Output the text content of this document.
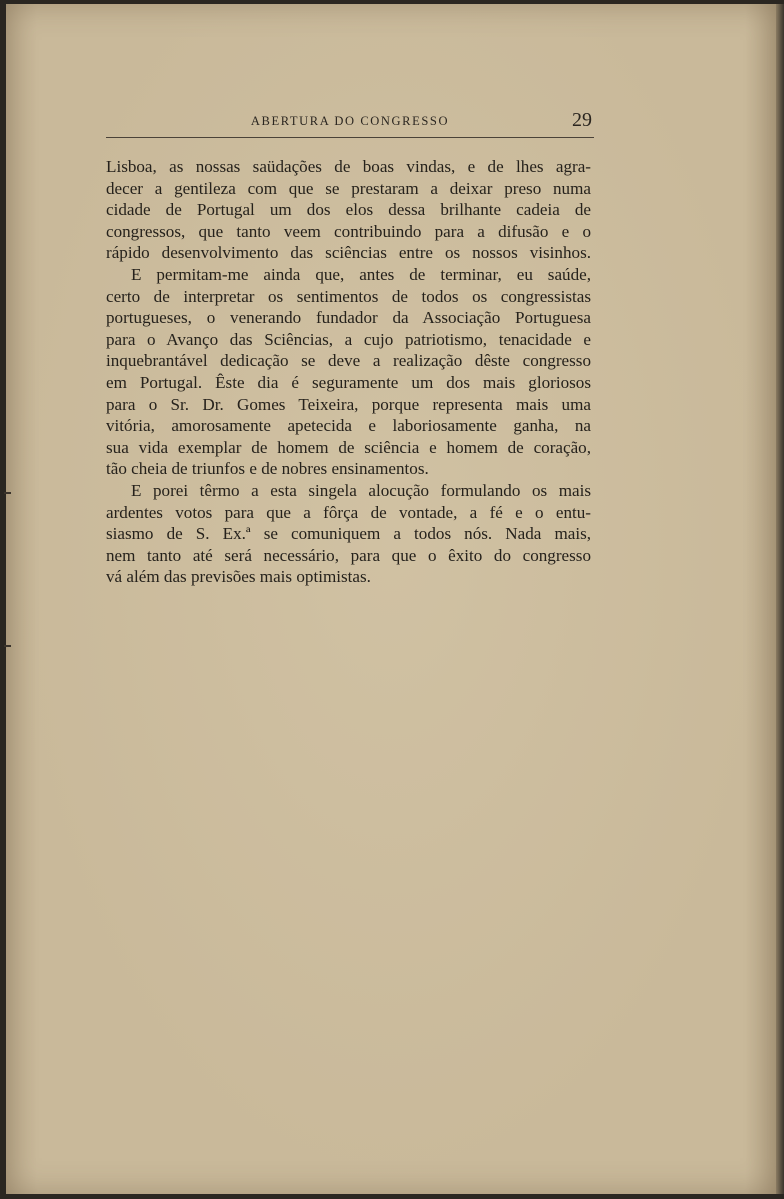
ABERTURA DO CONGRESSO	29

Lisboa, as nossas saüdações de boas vindas, e de lhes agra-

decer a gentileza com que se prestaram a deixar preso numa

cidade de Portugal um dos elos dessa brilhante cadeia de

congressos, que tanto veem contribuindo para a difusão e o

rápido desenvolvimento das sciências entre os nossos visinhos.

E permitam-me ainda que, antes de terminar, eu saúde,

certo de interpretar os sentimentos de todos os congressistas

portugueses, o venerando fundador da Associação Portuguesa

para o Avanço das Sciências, a cujo patriotismo, tenacidade e

inquebrantável dedicação se deve a realização dêste congresso

em Portugal. Êste dia é seguramente um dos mais gloriosos

para o Sr. Dr. Gomes Teixeira, porque representa mais uma

vitória, amorosamente apetecida e laboriosamente ganha, na

sua vida exemplar de homem de sciência e homem de coração,

tão cheia de triunfos e de nobres ensinamentos.

E porei têrmo a esta singela alocução formulando os mais

ardentes votos para que a fôrça de vontade, a fé e o entu-

siasmo de S. Ex.ª se comuniquem a todos nós. Nada mais,

nem tanto até será necessário, para que o êxito do congresso

vá além das previsões mais optimistas.
